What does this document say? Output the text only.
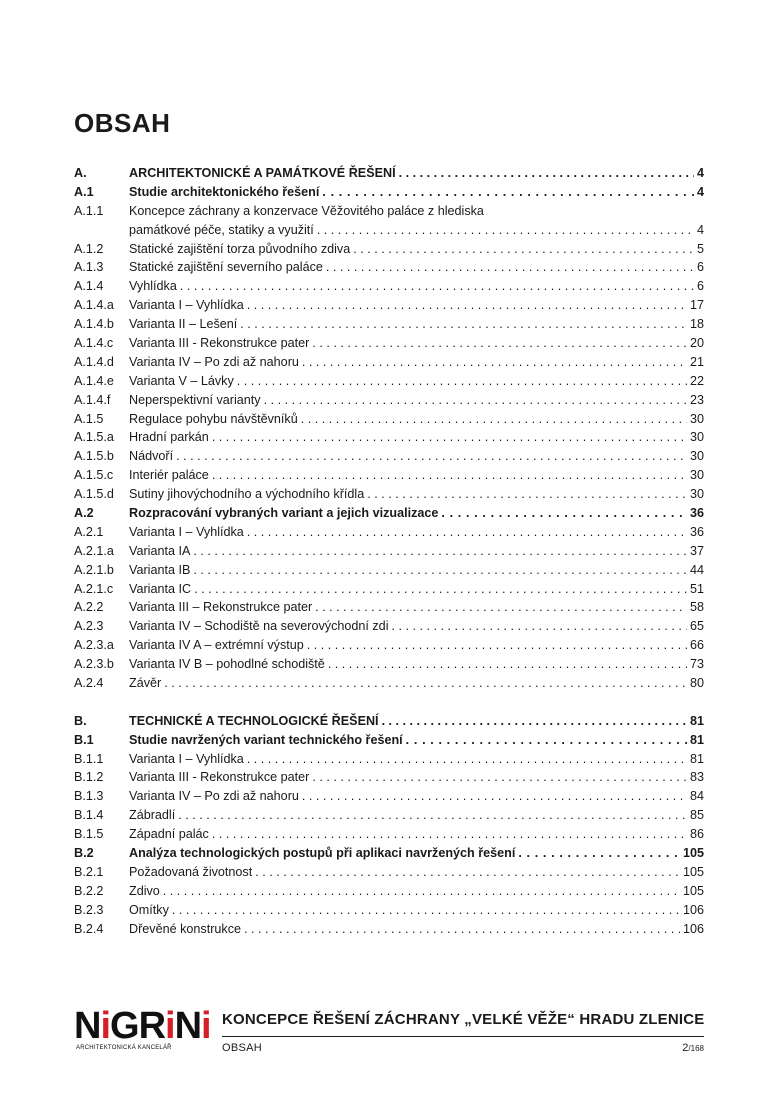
OBSAH
A.	ARCHITEKTONICKÉ A PAMÁTKOVÉ ŘEŠENÍ . . .	4
A.1	Studie architektonického řešení . . .	4
A.1.1	Koncepce záchrany a konzervace Věžovitého paláce z hlediska
památkové péče, statiky a využití . . .	4
A.1.2	Statické zajištění torza původního zdiva . . .	5
A.1.3	Statické zajištění severního paláce . . .	6
A.1.4	Vyhlídka . . .	6
A.1.4.a	Varianta I – Vyhlídka . . .	17
A.1.4.b	Varianta II – Lešení . . .	18
A.1.4.c	Varianta III - Rekonstrukce pater . . .	20
A.1.4.d	Varianta IV – Po zdi až nahoru . . .	21
A.1.4.e	Varianta V – Lávky . . .	22
A.1.4.f	Neperspektivní varianty . . .	23
A.1.5	Regulace pohybu návštěvníků . . .	30
A.1.5.a	Hradní parkán . . .	30
A.1.5.b	Nádvoří . . .	30
A.1.5.c	Interiér paláce . . .	30
A.1.5.d	Sutiny jihovýchodního a východního křídla . . .	30
A.2	Rozpracování vybraných variant a jejich vizualizace . . .	36
A.2.1	Varianta I – Vyhlídka . . .	36
A.2.1.a	Varianta IA . . .	37
A.2.1.b	Varianta IB . . .	44
A.2.1.c	Varianta IC . . .	51
A.2.2	Varianta III – Rekonstrukce pater . . .	58
A.2.3	Varianta IV – Schodiště na severovýchodní zdi . . .	65
A.2.3.a	Varianta IV A – extrémní výstup . . .	66
A.2.3.b	Varianta IV B – pohodlné schodiště . . .	73
A.2.4	Závěr . . .	80
B.	TECHNICKÉ A TECHNOLOGICKÉ ŘEŠENÍ . . .	81
B.1	Studie navržených variant technického řešení . . .	81
B.1.1	Varianta I – Vyhlídka . . .	81
B.1.2	Varianta III - Rekonstrukce pater . . .	83
B.1.3	Varianta IV – Po zdi až nahoru . . .	84
B.1.4	Zábradlí . . .	85
B.1.5	Západní palác . . .	86
B.2	Analýza technologických postupů při aplikaci navržených řešení . . .	105
B.2.1	Požadovaná životnost . . .	105
B.2.2	Zdivo . . .	105
B.2.3	Omítky . . .	106
B.2.4	Dřevěné konstrukce . . .	106
NiGRiNi
ARCHITEKTONICKÁ KANCELÁŘ
KONCEPCE ŘEŠENÍ ZÁCHRANY „VELKÉ VĚŽE“ HRADU ZLENICE
OBSAH	2/168
